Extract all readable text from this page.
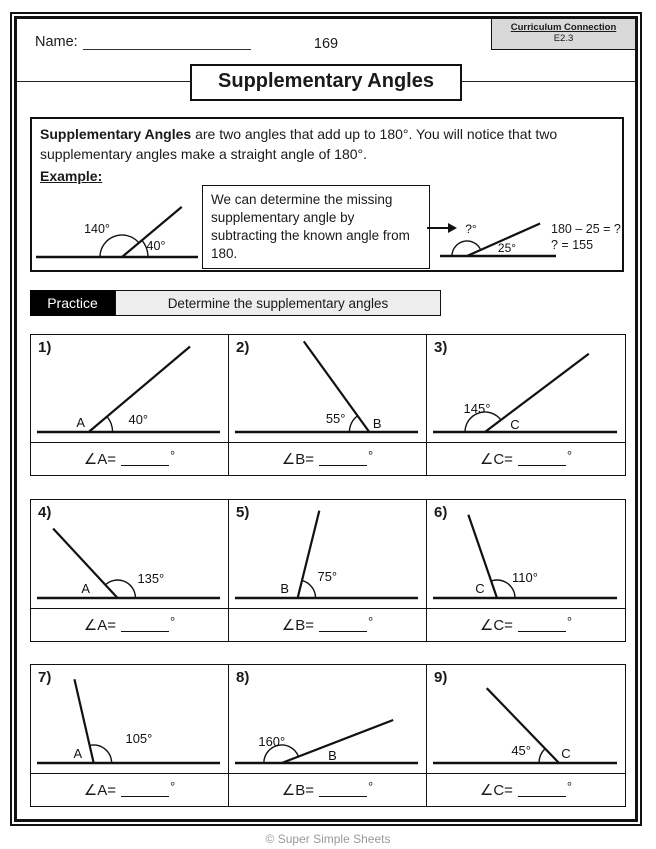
Name:	169
Curriculum Connection
E2.3
Supplementary Angles
Supplementary Angles are two angles that add up to 180°. You will notice that two supplementary angles make a straight angle of 180°.
Example:
140°
40°
We can determine the missing supplementary angle by subtracting the known angle from 180.
?°
25°
180 – 25 = ?
? = 155
Practice	Determine the supplementary angles
1)
40°
A
∠A=	°
2)
55° B
∠B=	°
3)
145°
C
∠C=	°
4)
135°
A
∠A=	°
5)
75°
B
∠B=	°
6)
110°
C
∠C=	°
7)
105°
A
∠A=	°
8)
160°
B
∠B=	°
9)
45° C
∠C=	°
© Super Simple Sheets
